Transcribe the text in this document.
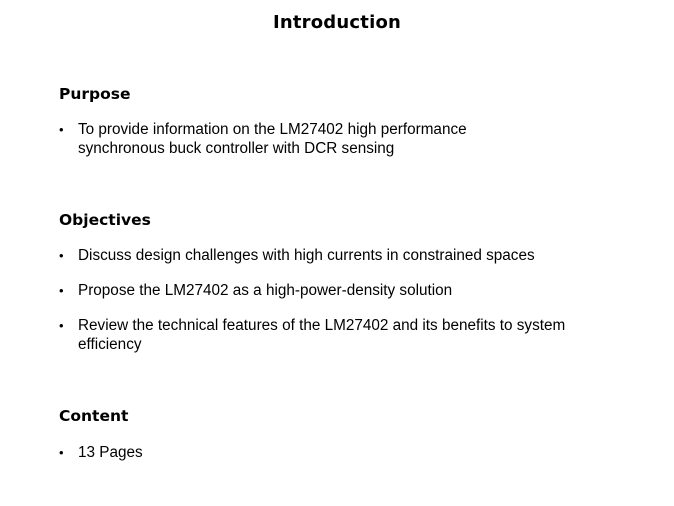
Introduction
Purpose
• To provide information on the LM27402 high performance synchronous buck controller with DCR sensing
Objectives
• Discuss design challenges with high currents in constrained spaces
• Propose the LM27402 as a high-power-density solution
• Review the technical features of the LM27402 and its benefits to system efficiency
Content
• 13 Pages
